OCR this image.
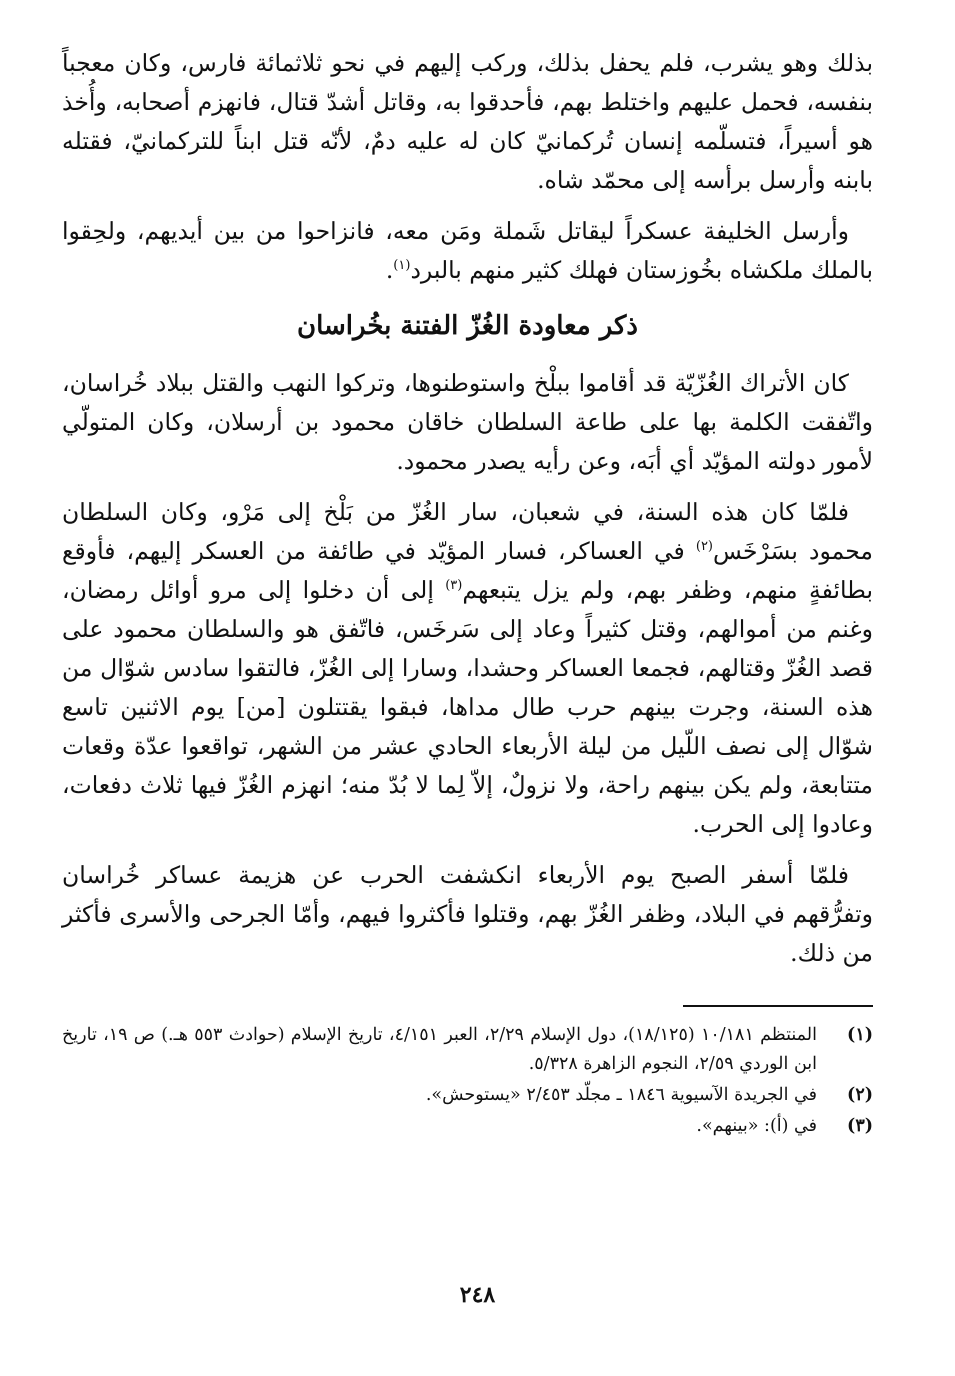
بذلك وهو يشرب، فلم يحفل بذلك، وركب إليهم في نحو ثلاثمائة فارس، وكان معجباً بنفسه، فحمل عليهم واختلط بهم، فأحدقوا به، وقاتل أشدّ قتال، فانهزم أصحابه، وأُخذ هو أسيراً، فتسلّمه إنسان تُركمانيّ كان له عليه دمٌ، لأنّه قتل ابناً للتركمانيّ، فقتله بابنه وأرسل برأسه إلى محمّد شاه.

وأرسل الخليفة عسكراً ليقاتل شَملة ومَن معه، فانزاحوا من بين أيديهم، ولحِقوا بالملك ملكشاه بخُوزستان فهلك كثير منهم بالبرد$^{(١)}$.

ذكر معاودة الغُزّ الفتنة بخُراسان

كان الأتراك الغُزّيّة قد أقاموا ببلْخ واستوطنوها، وتركوا النهب والقتل ببلاد خُراسان، واتّفقت الكلمة بها على طاعة السلطان خاقان محمود بن أرسلان، وكان المتولّي لأمور دولته المؤيّد أي أبَه، وعن رأيه يصدر محمود.

فلمّا كان هذه السنة، في شعبان، سار الغُزّ من بَلْخ إلى مَرْو، وكان السلطان محمود بسَرْخَس$^{(٢)}$ في العساكر، فسار المؤيّد في طائفة من العسكر إليهم، فأوقع بطائفةٍ منهم، وظفر بهم، ولم يزل يتبعهم$^{(٣)}$ إلى أن دخلوا إلى مرو أوائل رمضان، وغنم من أموالهم، وقتل كثيراً وعاد إلى سَرخَس، فاتّفق هو والسلطان محمود على قصد الغُزّ وقتالهم، فجمعا العساكر وحشدا، وسارا إلى الغُزّ، فالتقوا سادس شوّال من هذه السنة، وجرت بينهم حرب طال مداها، فبقوا يقتتلون [من] يوم الاثنين تاسع شوّال إلى نصف اللّيل من ليلة الأربعاء الحادي عشر من الشهر، تواقعوا عدّة وقعات متتابعة، ولم يكن بينهم راحة، ولا نزولٌ، إلاّ لِما لا بُدّ منه؛ انهزم الغُزّ فيها ثلاث دفعات، وعادوا إلى الحرب.

فلمّا أسفر الصبح يوم الأربعاء انكشفت الحرب عن هزيمة عساكر خُراسان وتفرُّقهم في البلاد، وظفر الغُزّ بهم، وقتلوا فأكثروا فيهم، وأمّا الجرحى والأسرى فأكثر من ذلك.

(١)
المنتظم ١٠/١٨١ (١٨/١٢٥)، دول الإسلام ٢/٢٩، العبر ٤/١٥١، تاريخ الإسلام (حوادث ٥٥٣ هـ.) ص ١٩، تاريخ ابن الوردي ٢/٥٩، النجوم الزاهرة ٥/٣٢٨.
(٢)
في الجريدة الآسيوية ١٨٤٦ ـ مجلّد ٢/٤٥٣ «يستوحش».
(٣)
في (أ): «بينهم».
٢٤٨
